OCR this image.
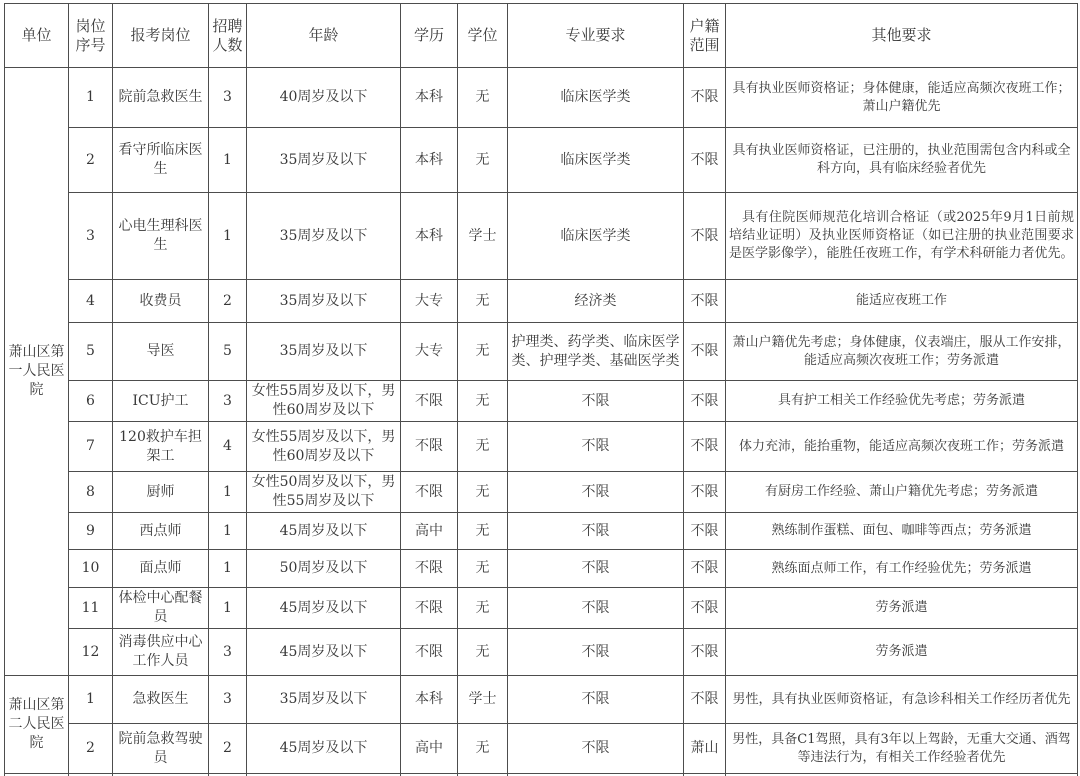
单位	岗位序号	报考岗位	招聘人数	年龄	学历	学位	专业要求	户籍范围	其他要求
萧山区第一人民医院	1	院前急救医生	3	40周岁及以下	本科	无	临床医学类	不限	具有执业医师资格证；身体健康，能适应高频次夜班工作；萧山户籍优先
	2	看守所临床医生	1	35周岁及以下	本科	无	临床医学类	不限	具有执业医师资格证，已注册的，执业范围需包含内科或全科方向，具有临床经验者优先
	3	心电生理科医生	1	35周岁及以下	本科	学士	临床医学类	不限	具有住院医师规范化培训合格证（或2025年9月1日前规培结业证明）及执业医师资格证（如已注册的执业范围要求是医学影像学），能胜任夜班工作，有学术科研能力者优先。
	4	收费员	2	35周岁及以下	大专	无	经济类	不限	能适应夜班工作
	5	导医	5	35周岁及以下	大专	无	护理类、药学类、临床医学类、护理学类、基础医学类	不限	萧山户籍优先考虑；身体健康，仪表端庄，服从工作安排，能适应高频次夜班工作；劳务派遣
	6	ICU护工	3	女性55周岁及以下，男性60周岁及以下	不限	无	不限	不限	具有护工相关工作经验优先考虑；劳务派遣
	7	120救护车担架工	4	女性55周岁及以下，男性60周岁及以下	不限	无	不限	不限	体力充沛，能抬重物，能适应高频次夜班工作；劳务派遣
	8	厨师	1	女性50周岁及以下，男性55周岁及以下	不限	无	不限	不限	有厨房工作经验、萧山户籍优先考虑；劳务派遣
	9	西点师	1	45周岁及以下	高中	无	不限	不限	熟练制作蛋糕、面包、咖啡等西点；劳务派遣
	10	面点师	1	50周岁及以下	不限	无	不限	不限	熟练面点师工作，有工作经验优先；劳务派遣
	11	体检中心配餐员	1	45周岁及以下	不限	无	不限	不限	劳务派遣
	12	消毒供应中心工作人员	3	45周岁及以下	不限	无	不限	不限	劳务派遣
萧山区第二人民医院	1	急救医生	3	35周岁及以下	本科	学士	不限	不限	男性，具有执业医师资格证，有急诊科相关工作经历者优先
	2	院前急救驾驶员	2	45周岁及以下	高中	无	不限	萧山	男性，具备C1驾照，具有3年以上驾龄，无重大交通、酒驾等违法行为，有相关工作经验者优先
